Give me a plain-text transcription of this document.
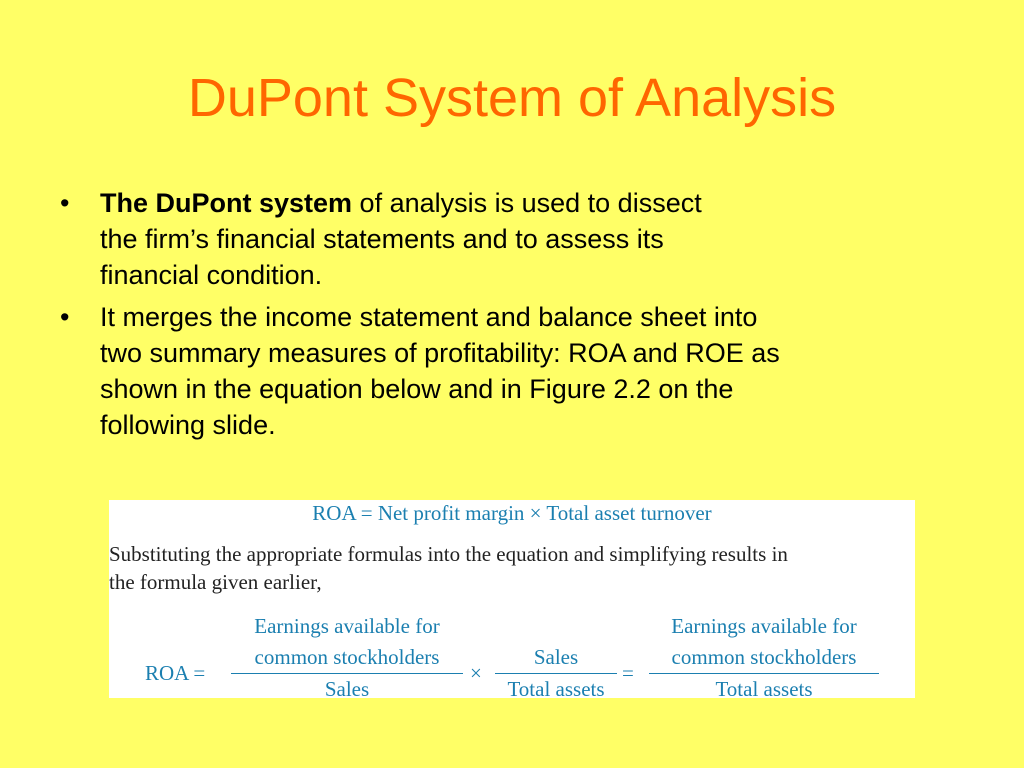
DuPont System of Analysis
•	The DuPont system of analysis is used to dissect
the firm’s financial statements and to assess its
financial condition.
•	It merges the income statement and balance sheet into
two summary measures of profitability: ROA and ROE as
shown in the equation below and in Figure 2.2 on the
following slide.
ROA = Net profit margin × Total asset turnover
Substituting the appropriate formulas into the equation and simplifying results in
the formula given earlier,
ROA =
Earnings available for
common stockholders
Sales
×
Sales
Total assets
=
Earnings available for
common stockholders
Total assets
